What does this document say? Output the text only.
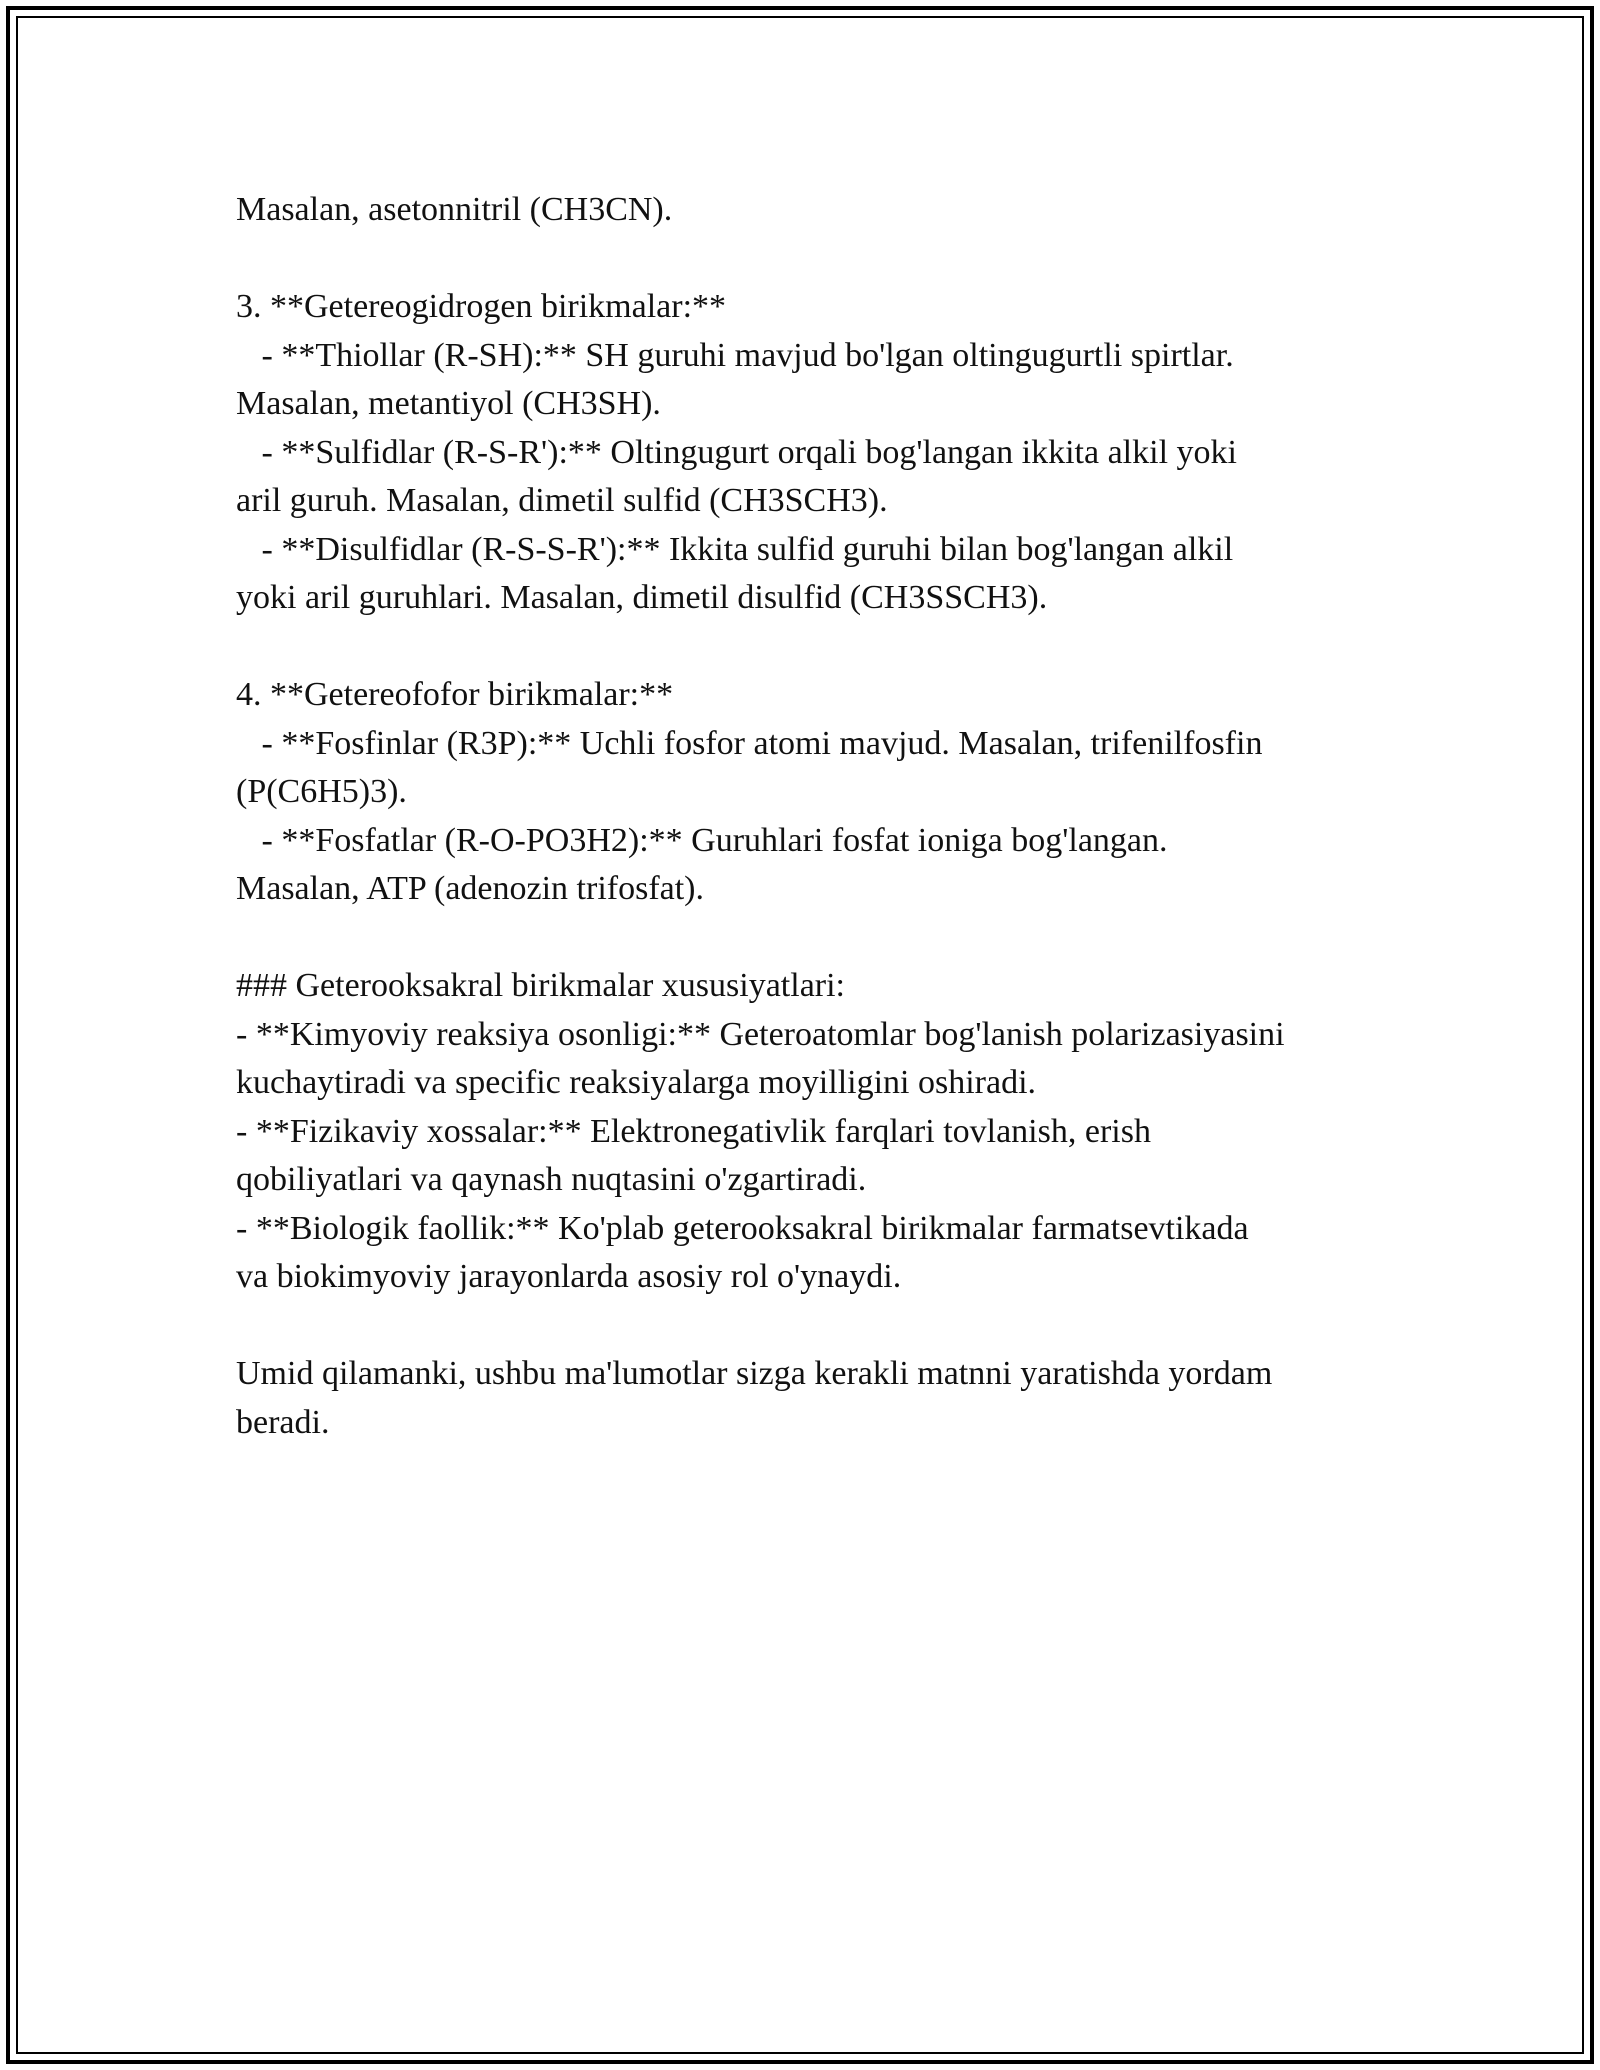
Masalan, asetonnitril (CH3CN).
3. **Getereogidrogen birikmalar:**
- **Thiollar (R-SH):** SH guruhi mavjud bo'lgan oltingugurtli spirtlar.
Masalan, metantiyol (CH3SH).
- **Sulfidlar (R-S-R'):** Oltingugurt orqali bog'langan ikkita alkil yoki
aril guruh. Masalan, dimetil sulfid (CH3SCH3).
- **Disulfidlar (R-S-S-R'):** Ikkita sulfid guruhi bilan bog'langan alkil
yoki aril guruhlari. Masalan, dimetil disulfid (CH3SSCH3).
4. **Getereofofor birikmalar:**
- **Fosfinlar (R3P):** Uchli fosfor atomi mavjud. Masalan, trifenilfosfin
(P(C6H5)3).
- **Fosfatlar (R-O-PO3H2):** Guruhlari fosfat ioniga bog'langan.
Masalan, ATP (adenozin trifosfat).
### Geterooksakral birikmalar xususiyatlari:
- **Kimyoviy reaksiya osonligi:** Geteroatomlar bog'lanish polarizasiyasini
kuchaytiradi va specific reaksiyalarga moyilligini oshiradi.
- **Fizikaviy xossalar:** Elektronegativlik farqlari tovlanish, erish
qobiliyatlari va qaynash nuqtasini o'zgartiradi.
- **Biologik faollik:** Ko'plab geterooksakral birikmalar farmatsevtikada
va biokimyoviy jarayonlarda asosiy rol o'ynaydi.
Umid qilamanki, ushbu ma'lumotlar sizga kerakli matnni yaratishda yordam
beradi.
